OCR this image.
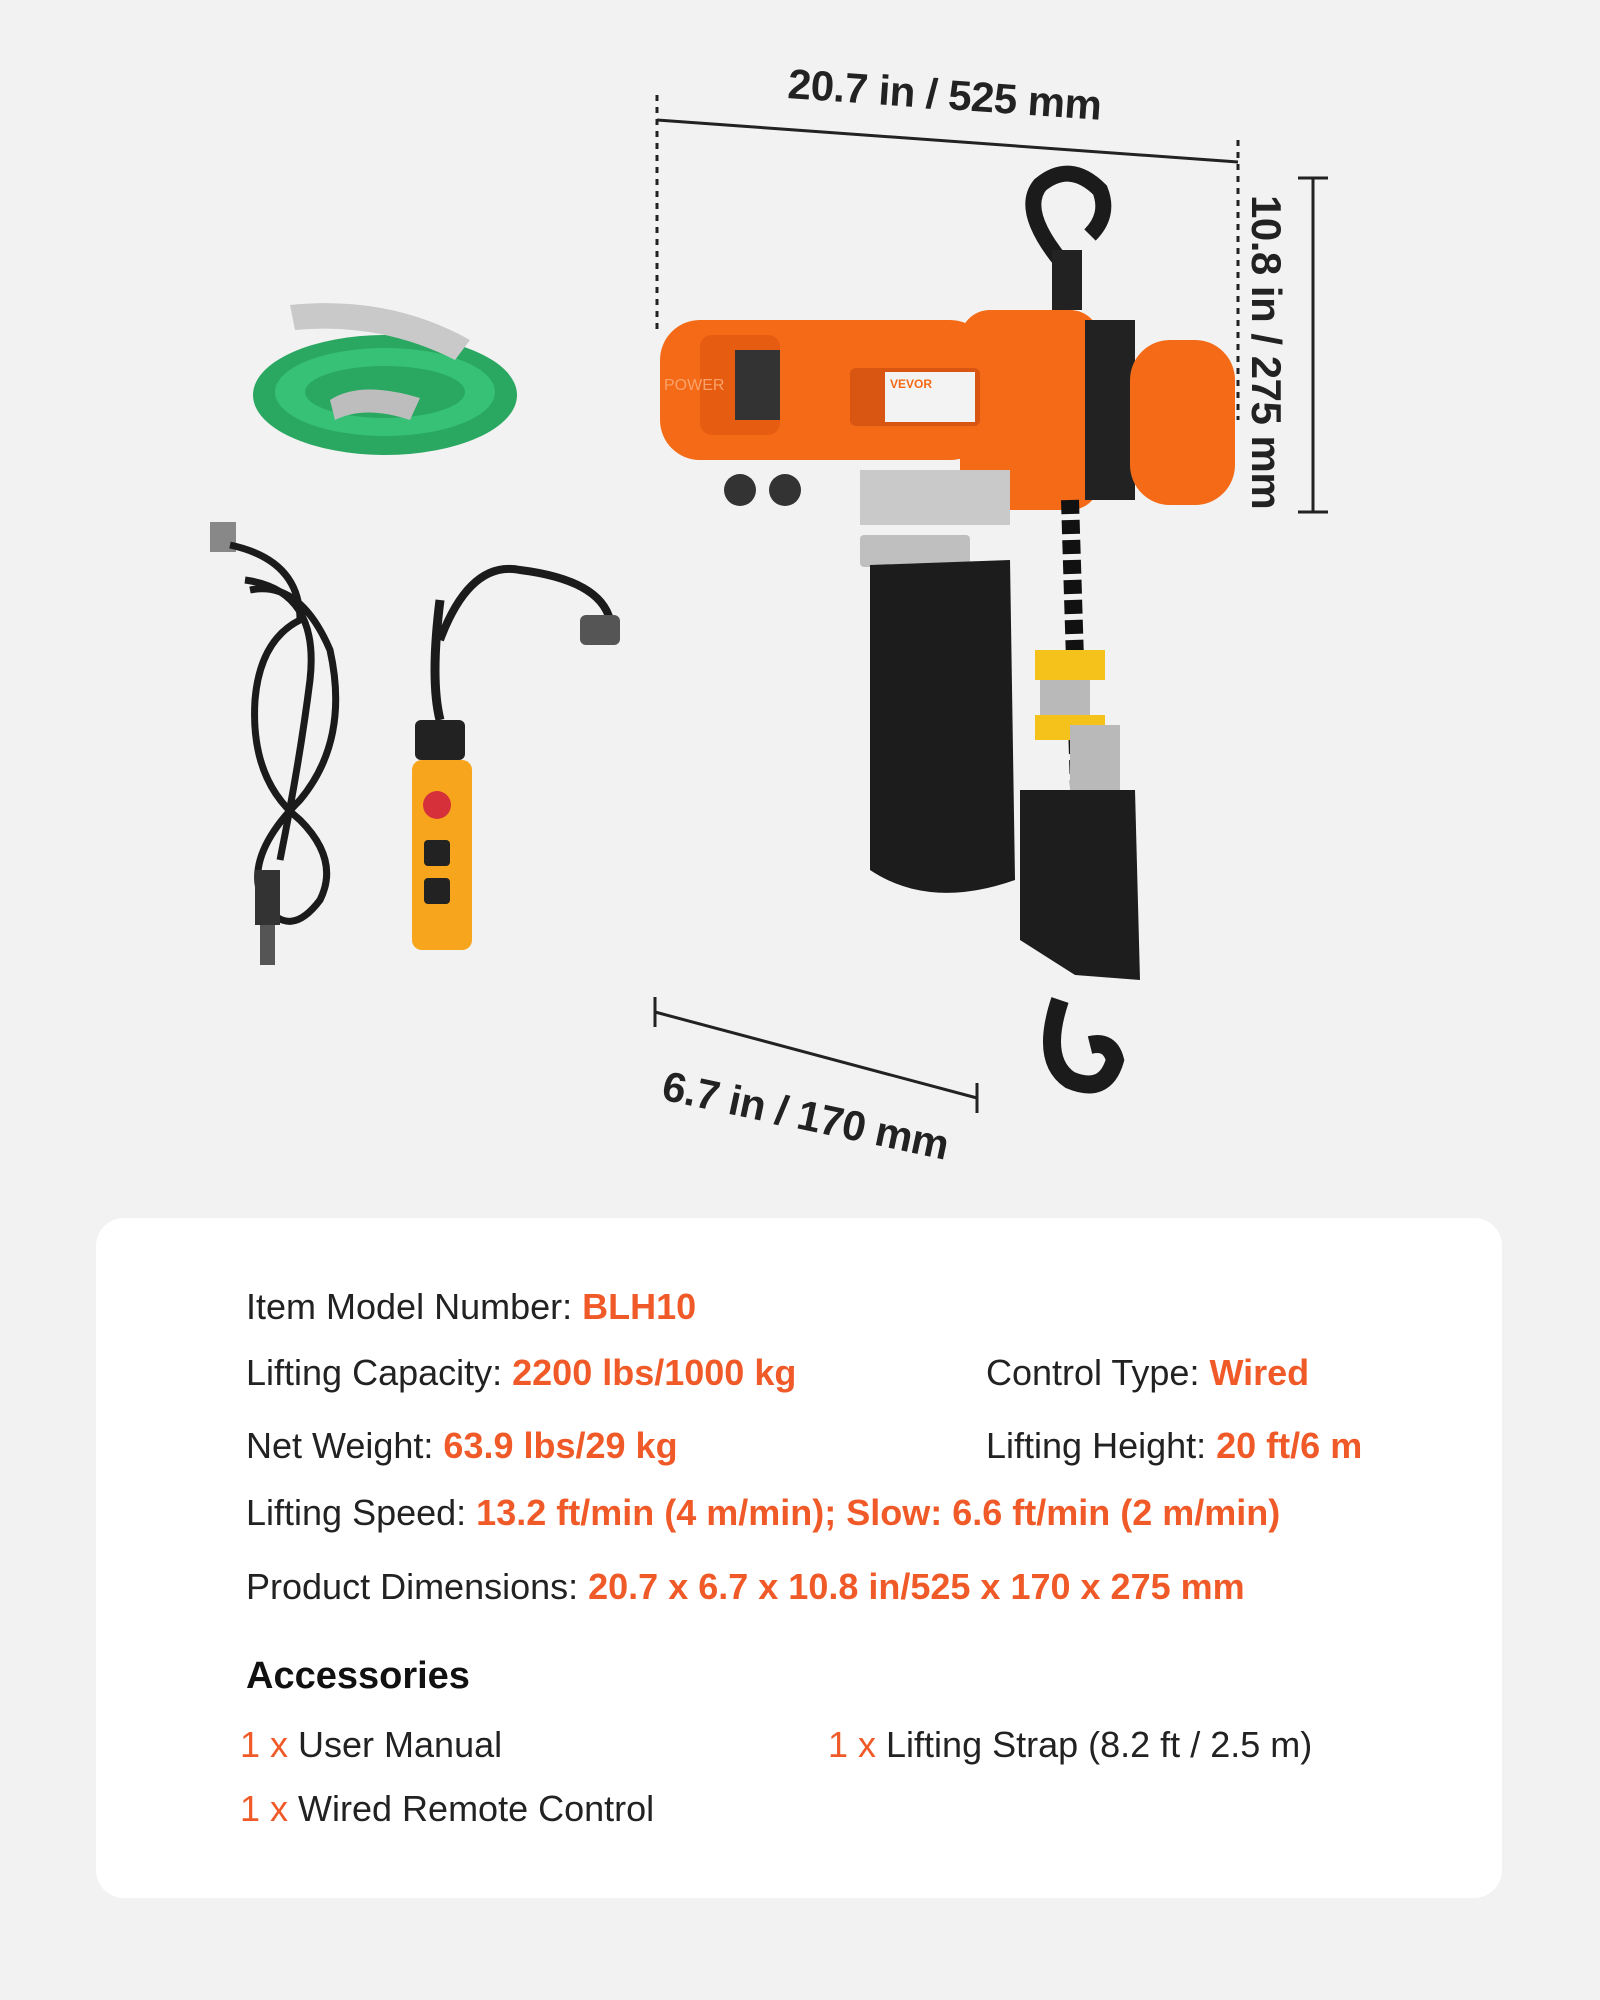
VEVOR
POWER
20.7 in / 525 mm
10.8 in / 275 mm
6.7 in / 170 mm
Item Model Number: BLH10
Lifting Capacity: 2200 lbs/1000 kg	Control Type: Wired
Net Weight: 63.9 lbs/29 kg	Lifting Height: 20 ft/6 m
Lifting Speed: 13.2 ft/min (4 m/min); Slow: 6.6 ft/min (2 m/min)
Product Dimensions: 20.7 x 6.7 x 10.8 in/525 x 170 x 275 mm
Accessories
1 x User Manual	1 x Lifting Strap (8.2 ft / 2.5 m)
1 x Wired Remote Control
